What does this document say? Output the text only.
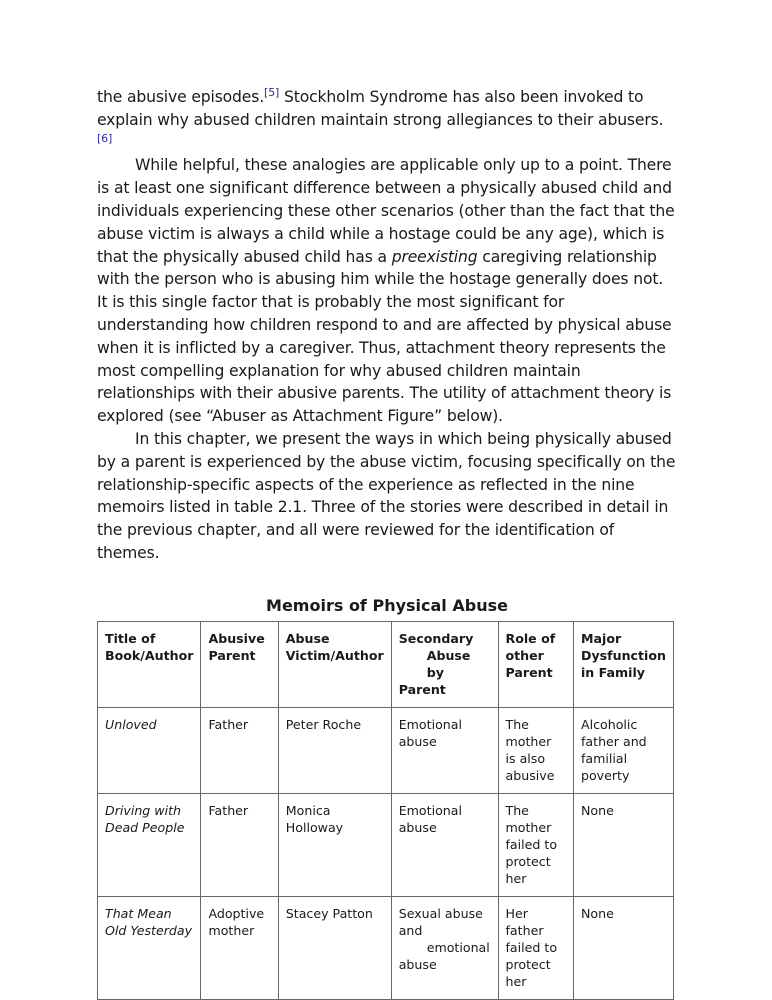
the abusive episodes.[5] Stockholm Syndrome has also been invoked to explain why abused children maintain strong allegiances to their abusers.[6]

While helpful, these analogies are applicable only up to a point. There is at least one significant difference between a physically abused child and individuals experiencing these other scenarios (other than the fact that the abuse victim is always a child while a hostage could be any age), which is that the physically abused child has a preexisting caregiving relationship with the person who is abusing him while the hostage generally does not. It is this single factor that is probably the most significant for understanding how children respond to and are affected by physical abuse when it is inflicted by a caregiver. Thus, attachment theory represents the most compelling explanation for why abused children maintain relationships with their abusive parents. The utility of attachment theory is explored (see “Abuser as Attachment Figure” below).

In this chapter, we present the ways in which being physically abused by a parent is experienced by the abuse victim, focusing specifically on the relationship-specific aspects of the experience as reflected in the nine memoirs listed in table 2.1. Three of the stories were described in detail in the previous chapter, and all were reviewed for the identification of themes.

Memoirs of Physical Abuse
Title of
Book/Author	Abusive
Parent	Abuse
Victim/Author	Secondary
Abuse by
Parent	Role of other
Parent	Major
Dysfunction
in Family

Unloved	Father	Peter Roche	Emotional
abuse	The mother
is also
abusive	Alcoholic
father and
familial
poverty

Driving with
Dead People	Father	Monica
Holloway	Emotional
abuse	The mother
failed to
protect her	None

That Mean
Old Yesterday	Adoptive
mother	Stacey Patton	Sexual abuse
and
emotional
abuse	Her father
failed to
protect her	None
